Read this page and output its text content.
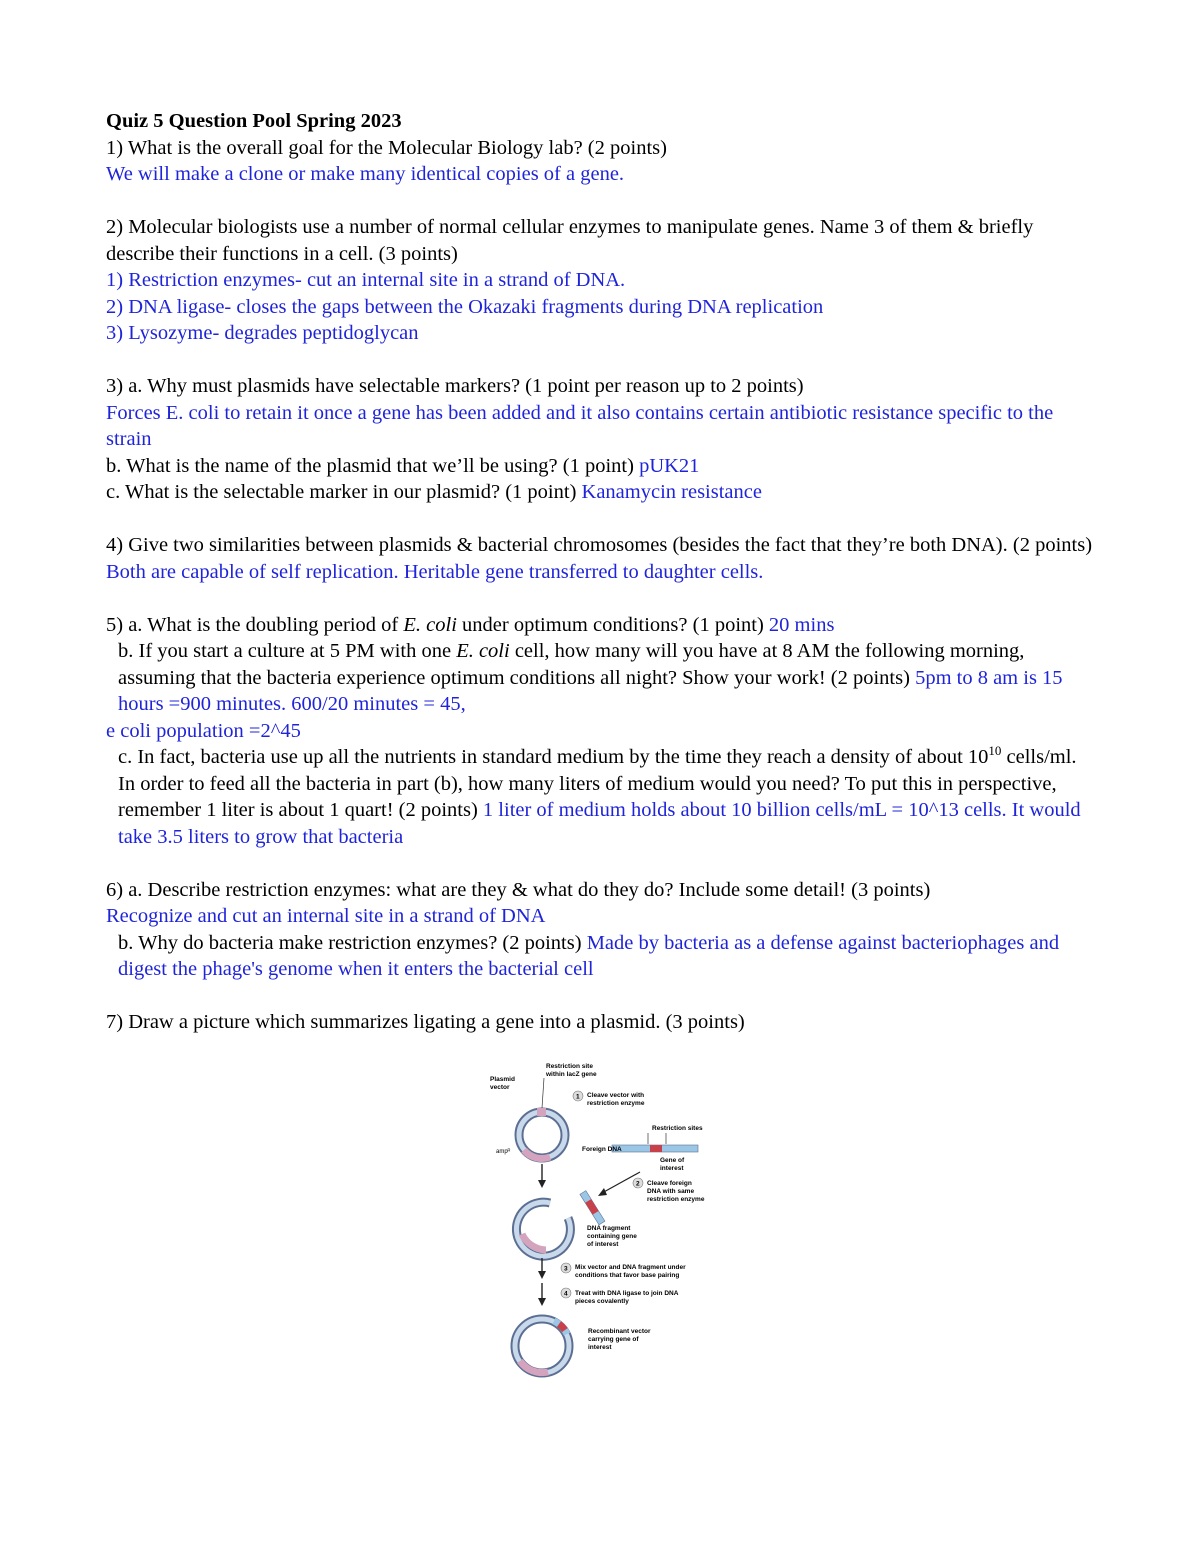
Quiz 5 Question Pool Spring 2023
1) What is the overall goal for the Molecular Biology lab? (2 points)
We will make a clone or make many identical copies of a gene.
2) Molecular biologists use a number of normal cellular enzymes to manipulate genes. Name 3 of them & briefly describe their functions in a cell. (3 points)
1) Restriction enzymes- cut an internal site in a strand of DNA.
2) DNA ligase- closes the gaps between the Okazaki fragments during DNA replication
3) Lysozyme- degrades peptidoglycan
3) a. Why must plasmids have selectable markers? (1 point per reason up to 2 points)
Forces E. coli to retain it once a gene has been added and it also contains certain antibiotic resistance specific to the strain
b. What is the name of the plasmid that we’ll be using? (1 point) pUK21
c. What is the selectable marker in our plasmid? (1 point) Kanamycin resistance
4) Give two similarities between plasmids & bacterial chromosomes (besides the fact that they’re both DNA). (2 points) Both are capable of self replication. Heritable gene transferred to daughter cells.
5) a. What is the doubling period of E. coli under optimum conditions? (1 point) 20 mins
b. If you start a culture at 5 PM with one E. coli cell, how many will you have at 8 AM the following morning, assuming that the bacteria experience optimum conditions all night? Show your work! (2 points) 5pm to 8 am is 15 hours =900 minutes. 600/20 minutes = 45,
e coli population =2^45
c. In fact, bacteria use up all the nutrients in standard medium by the time they reach a density of about $10^{10}$ cells/ml. In order to feed all the bacteria in part (b), how many liters of medium would you need? To put this in perspective, remember 1 liter is about 1 quart! (2 points) 1 liter of medium holds about 10 billion cells/mL = 10^13 cells. It would take 3.5 liters to grow that bacteria
6) a. Describe restriction enzymes: what are they & what do they do? Include some detail! (3 points)
Recognize and cut an internal site in a strand of DNA
b. Why do bacteria make restriction enzymes? (2 points) Made by bacteria as a defense against bacteriophages and digest the phage's genome when it enters the bacterial cell
7) Draw a picture which summarizes ligating a gene into a plasmid. (3 points)
Plasmid
vector
Restriction site
within lacZ gene
ampᴿ
1 Cleave vector with
restriction enzyme
Restriction sites
Foreign DNA
Gene of
interest
2 Cleave foreign
DNA with same
restriction enzyme
DNA fragment
containing gene
of interest
3 Mix vector and DNA fragment under
conditions that favor base pairing
4 Treat with DNA ligase to join DNA
pieces covalently
Recombinant vector
carrying gene of
interest
